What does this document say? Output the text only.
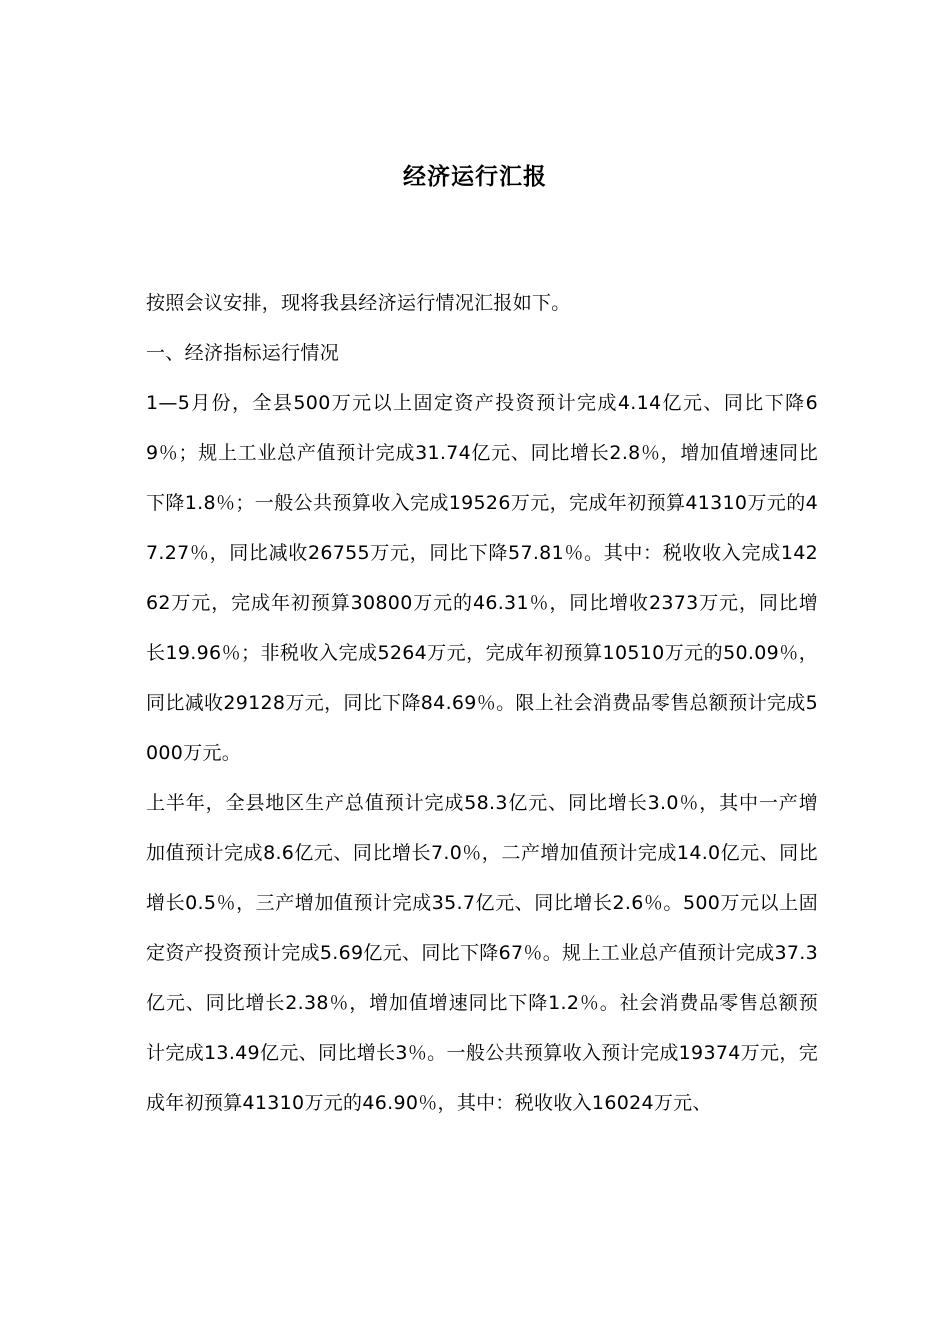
经济运行汇报

按照会议安排，现将我县经济运行情况汇报如下。

一、经济指标运行情况

1—5月份，全县500万元以上固定资产投资预计完成4.14亿元、同比下降69％；规上工业总产值预计完成31.74亿元、同比增长2.8％，增加值增速同比下降1.8％；一般公共预算收入完成19526万元，完成年初预算41310万元的47.27％，同比减收26755万元，同比下降57.81％。其中：税收收入完成14262万元，完成年初预算30800万元的46.31％，同比增收2373万元，同比增长19.96％；非税收入完成5264万元，完成年初预算10510万元的50.09％，同比减收29128万元，同比下降84.69％。限上社会消费品零售总额预计完成5000万元。

上半年，全县地区生产总值预计完成58.3亿元、同比增长3.0％，其中一产增加值预计完成8.6亿元、同比增长7.0％，二产增加值预计完成14.0亿元、同比增长0.5％，三产增加值预计完成35.7亿元、同比增长2.6％。500万元以上固定资产投资预计完成5.69亿元、同比下降67％。规上工业总产值预计完成37.3亿元、同比增长2.38％，增加值增速同比下降1.2％。社会消费品零售总额预计完成13.49亿元、同比增长3％。一般公共预算收入预计完成19374万元，完成年初预算41310万元的46.90％，其中：税收收入16024万元、
